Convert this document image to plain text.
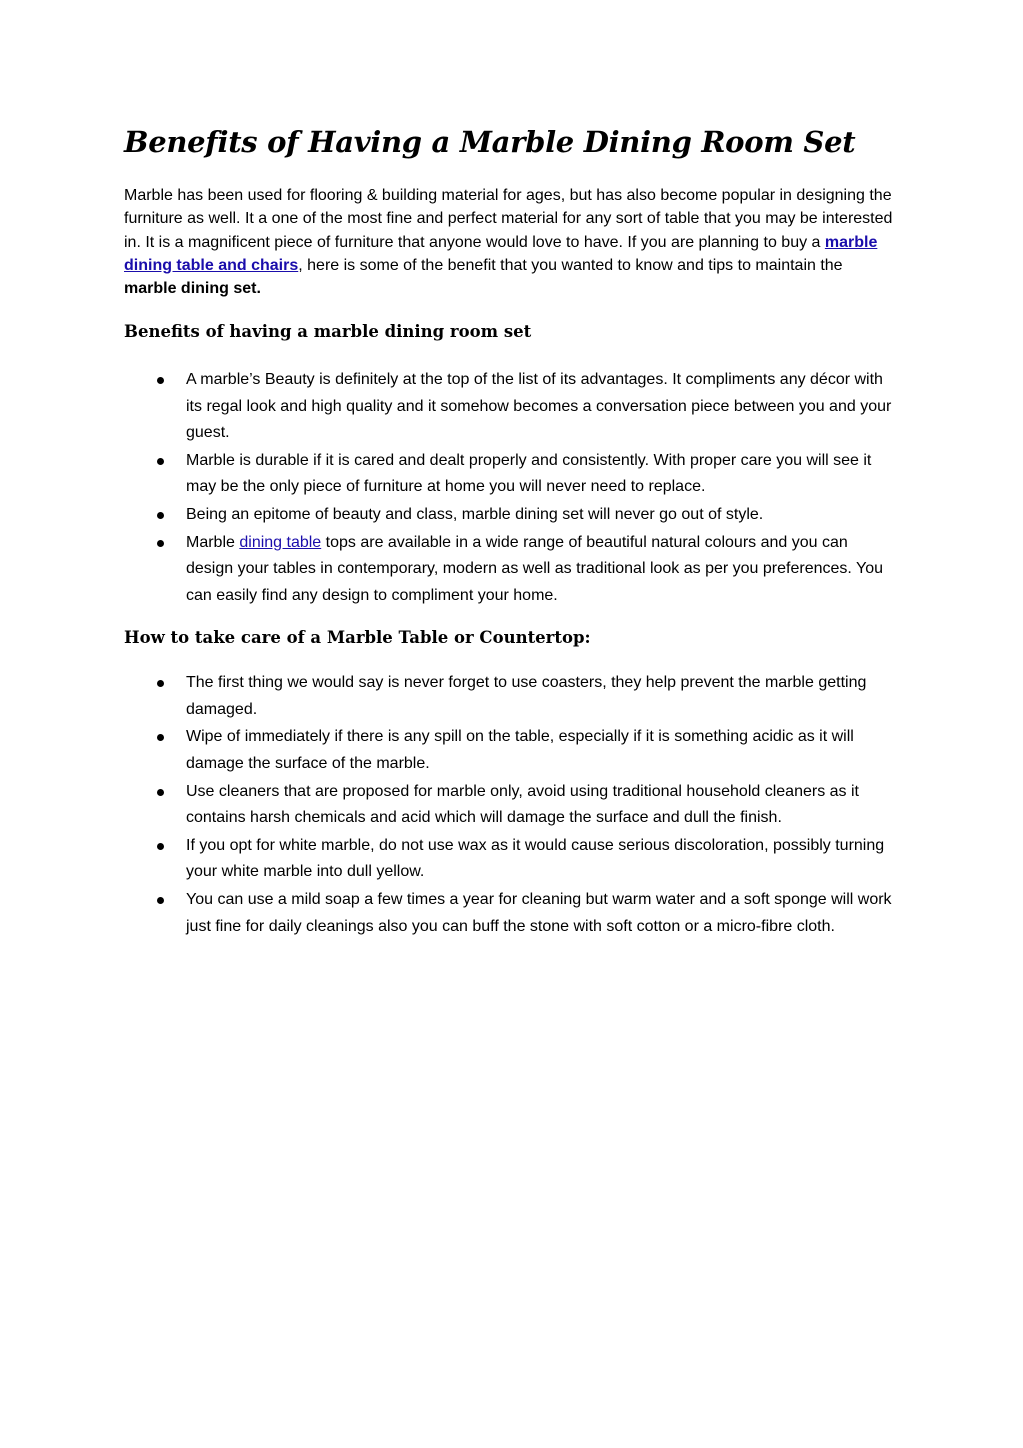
Benefits of Having a Marble Dining Room Set

Marble has been used for flooring & building material for ages, but has also become popular in designing the furniture as well. It a one of the most fine and perfect material for any sort of table that you may be interested in. It is a magnificent piece of furniture that anyone would love to have. If you are planning to buy a marble dining table and chairs, here is some of the benefit that you wanted to know and tips to maintain the marble dining set.

Benefits of having a marble dining room set
A marble’s Beauty is definitely at the top of the list of its advantages. It compliments any décor with its regal look and high quality and it somehow becomes a conversation piece between you and your guest.
Marble is durable if it is cared and dealt properly and consistently. With proper care you will see it may be the only piece of furniture at home you will never need to replace.
Being an epitome of beauty and class, marble dining set will never go out of style.
Marble dining table tops are available in a wide range of beautiful natural colours and you can design your tables in contemporary, modern as well as traditional look as per you preferences. You can easily find any design to compliment your home.
How to take care of a Marble Table or Countertop:
The first thing we would say is never forget to use coasters, they help prevent the marble getting damaged.
Wipe of immediately if there is any spill on the table, especially if it is something acidic as it will damage the surface of the marble.
Use cleaners that are proposed for marble only, avoid using traditional household cleaners as it contains harsh chemicals and acid which will damage the surface and dull the finish.
If you opt for white marble, do not use wax as it would cause serious discoloration, possibly turning your white marble into dull yellow.
You can use a mild soap a few times a year for cleaning but warm water and a soft sponge will work just fine for daily cleanings also you can buff the stone with soft cotton or a micro-fibre cloth.
